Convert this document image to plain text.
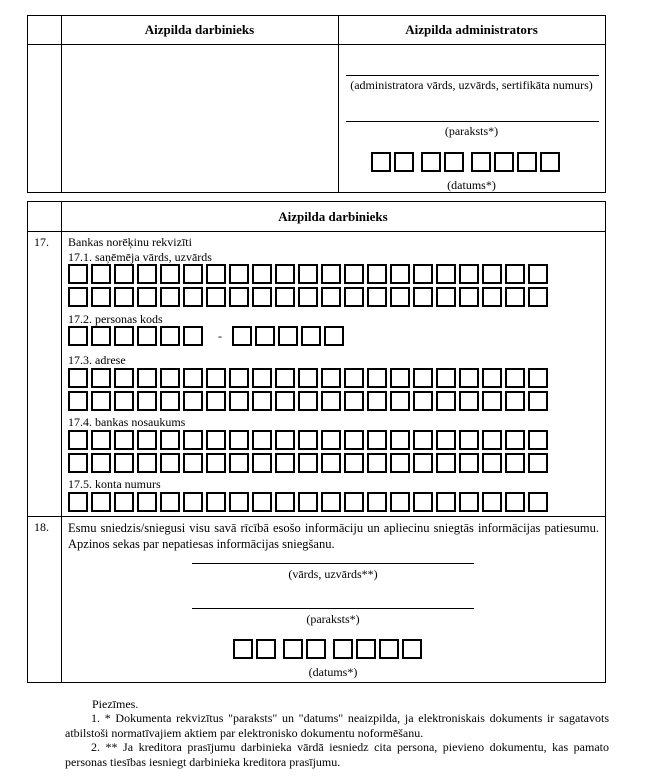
Aizpilda darbinieks	Aizpilda administrators
(administratora vārds, uzvārds, sertifikāta numurs)
(paraksts*)
(datums*)
Aizpilda darbinieks
17. Bankas norēķinu rekvizīti
17.1. saņēmēja vārds, uzvārds
17.2. personas kods
-
17.3. adrese
17.4. bankas nosaukums
17.5. konta numurs
18. Esmu sniedzis/sniegusi visu savā rīcībā esošo informāciju un apliecinu sniegtās informācijas patiesumu. Apzinos sekas par nepatiesas informācijas sniegšanu.
(vārds, uzvārds**)
(paraksts*)
(datums*)
Piezīmes.

1. * Dokumenta rekvizītus "paraksts" un "datums" neaizpilda, ja elektroniskais dokuments ir sagatavots atbilstoši normatīvajiem aktiem par elektronisko dokumentu noformēšanu.

2. ** Ja kreditora prasījumu darbinieka vārdā iesniedz cita persona, pievieno dokumentu, kas pamato personas tiesības iesniegt darbinieka kreditora prasījumu.
